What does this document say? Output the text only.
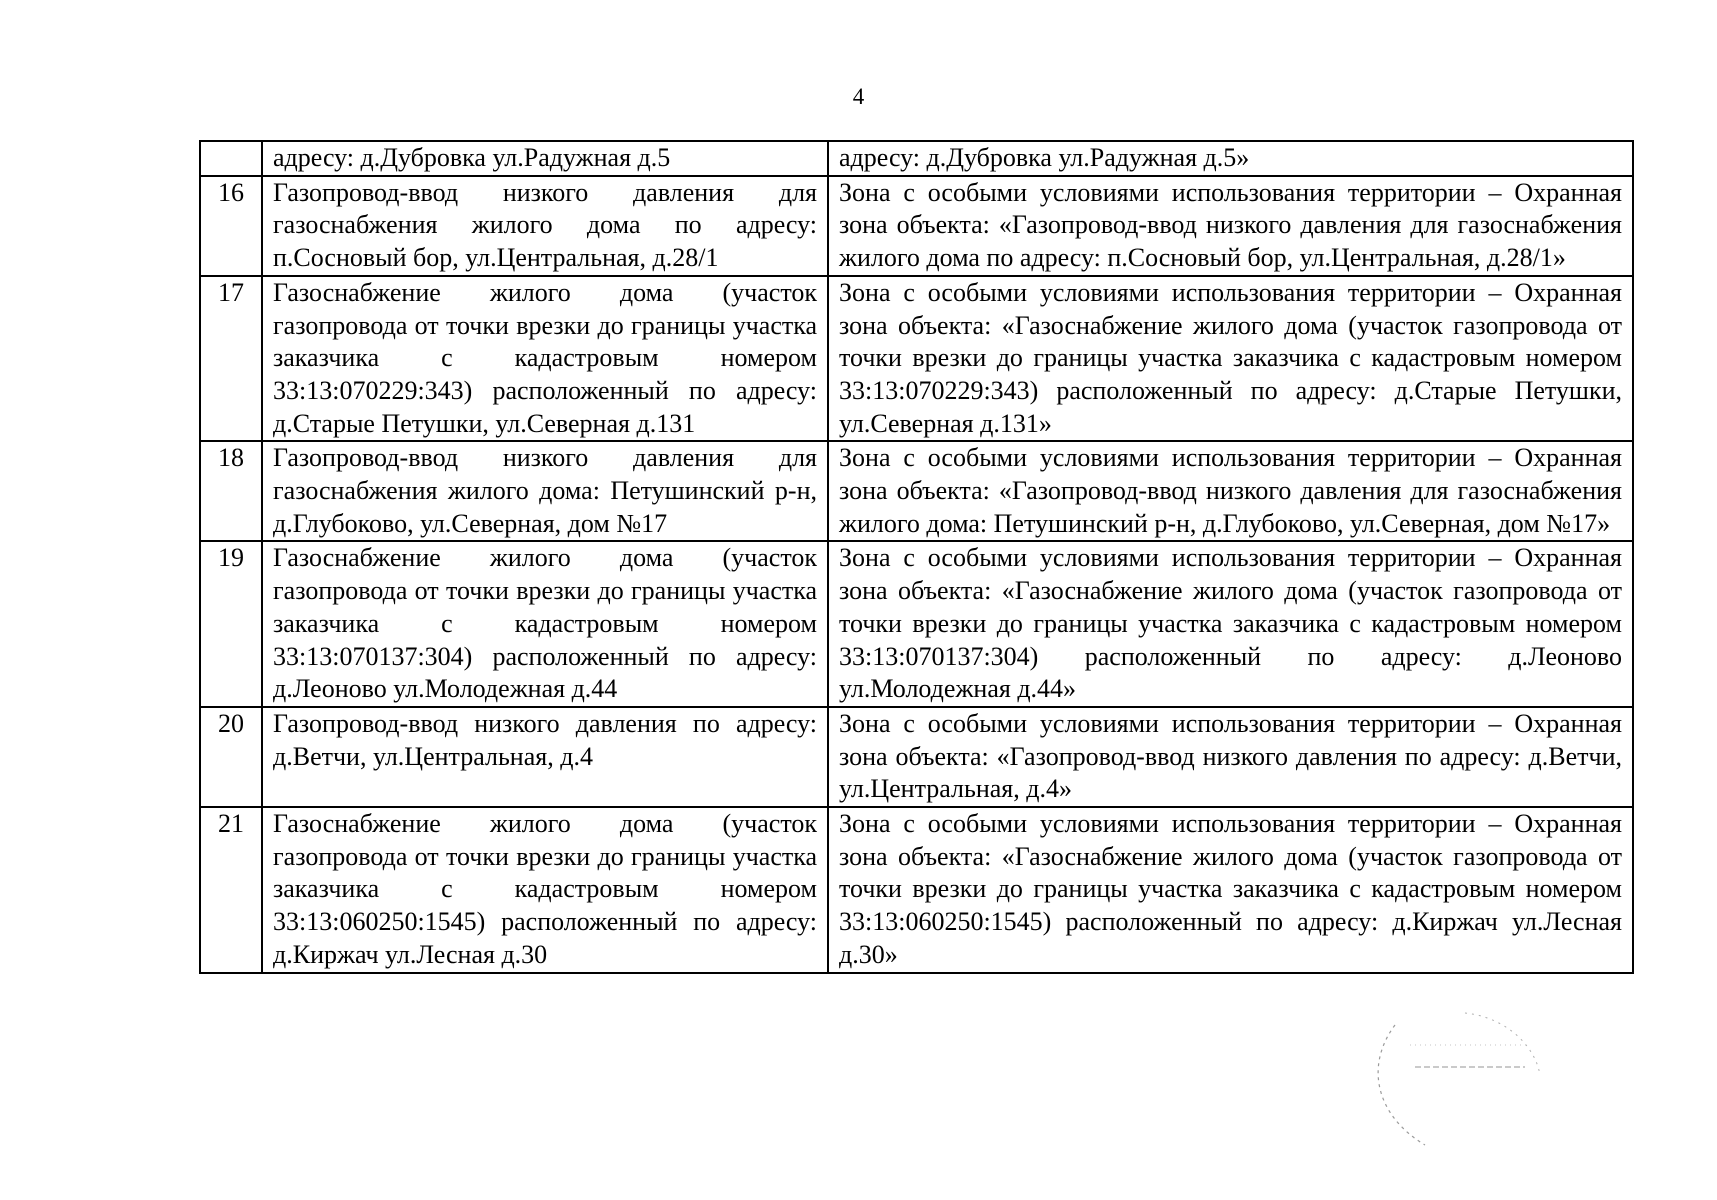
4
	адресу: д.Дубровка ул.Радужная д.5	адресу: д.Дубровка ул.Радужная д.5»
16	Газопровод-ввод низкого давления для газоснабжения жилого дома по адресу: п.Сосновый бор, ул.Центральная, д.28/1	Зона с особыми условиями использования территории – Охранная зона объекта: «Газопровод-ввод низкого давления для газоснабжения жилого дома по адресу: п.Сосновый бор, ул.Центральная, д.28/1»
17	Газоснабжение жилого дома (участок газопровода от точки врезки до границы участка заказчика с кадастровым номером 33:13:070229:343) расположенный по адресу: д.Старые Петушки, ул.Северная д.131	Зона с особыми условиями использования территории – Охранная зона объекта: «Газоснабжение жилого дома (участок газопровода от точки врезки до границы участка заказчика с кадастровым номером 33:13:070229:343) расположенный по адресу: д.Старые Петушки, ул.Северная д.131»
18	Газопровод-ввод низкого давления для газоснабжения жилого дома: Петушинский р-н, д.Глубоково, ул.Северная, дом №17	Зона с особыми условиями использования территории – Охранная зона объекта: «Газопровод-ввод низкого давления для газоснабжения жилого дома: Петушинский р-н, д.Глубоково, ул.Северная, дом №17»
19	Газоснабжение жилого дома (участок газопровода от точки врезки до границы участка заказчика с кадастровым номером 33:13:070137:304) расположенный по адресу: д.Леоново ул.Молодежная д.44	Зона с особыми условиями использования территории – Охранная зона объекта: «Газоснабжение жилого дома (участок газопровода от точки врезки до границы участка заказчика с кадастровым номером 33:13:070137:304) расположенный по адресу: д.Леоново ул.Молодежная д.44»
20	Газопровод-ввод низкого давления по адресу: д.Ветчи, ул.Центральная, д.4	Зона с особыми условиями использования территории – Охранная зона объекта: «Газопровод-ввод низкого давления по адресу: д.Ветчи, ул.Центральная, д.4»
21	Газоснабжение жилого дома (участок газопровода от точки врезки до границы участка заказчика с кадастровым номером 33:13:060250:1545) расположенный по адресу: д.Киржач ул.Лесная д.30	Зона с особыми условиями использования территории – Охранная зона объекта: «Газоснабжение жилого дома (участок газопровода от точки врезки до границы участка заказчика с кадастровым номером 33:13:060250:1545) расположенный по адресу: д.Киржач ул.Лесная д.30»
